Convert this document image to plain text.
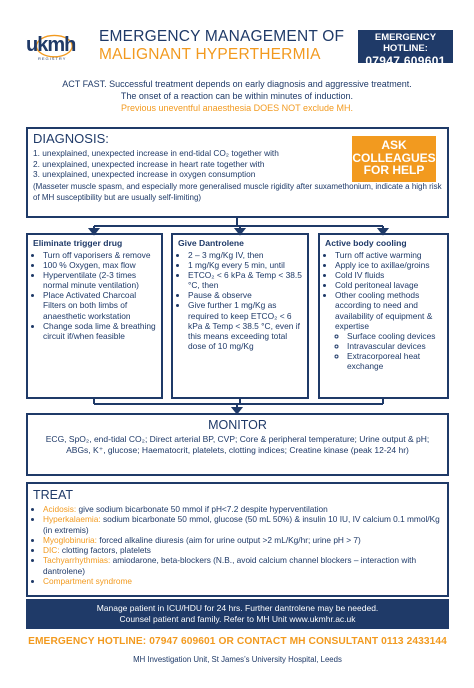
ukmh
REGISTRY
EMERGENCY MANAGEMENT OF
MALIGNANT HYPERTHERMIA
EMERGENCY
HOTLINE:
07947 609601
ACT FAST. Successful treatment depends on early diagnosis and aggressive treatment.
The onset of a reaction can be within minutes of induction.
Previous uneventful anaesthesia DOES NOT exclude MH.
DIAGNOSIS:
1. unexplained, unexpected increase in end-tidal CO₂ together with
2. unexplained, unexpected increase in heart rate together with
3. unexplained, unexpected increase in oxygen consumption
(Masseter muscle spasm, and especially more generalised muscle rigidity after suxamethonium, indicate a high risk of MH susceptibility but are usually self-limiting)
ASK COLLEAGUES FOR HELP
Eliminate trigger drug
• Turn off vaporisers & remove
• 100 % Oxygen, max flow
• Hyperventilate (2-3 times normal minute ventilation)
• Place Activated Charcoal Filters on both limbs of anaesthetic workstation
• Change soda lime & breathing circuit if/when feasible
Give Dantrolene
• 2 – 3 mg/Kg IV, then
• 1 mg/Kg every 5 min, until
• ETCO₂ < 6 kPa & Temp < 38.5 °C, then
• Pause & observe
• Give further 1 mg/Kg as required to keep ETCO₂ < 6 kPa & Temp < 38.5 °C, even if this means exceeding total dose of 10 mg/Kg
Active body cooling
• Turn off active warming
• Apply ice to axillae/groins
• Cold IV fluids
• Cold peritoneal lavage
• Other cooling methods according to need and availability of equipment & expertise
◦ Surface cooling devices
◦ Intravascular devices
◦ Extracorporeal heat exchange
MONITOR
ECG, SpO₂, end-tidal CO₂; Direct arterial BP, CVP; Core & peripheral temperature; Urine output & pH; ABGs, K⁺, glucose; Haematocrit, platelets, clotting indices; Creatine kinase (peak 12-24 hr)
TREAT
• Acidosis: give sodium bicarbonate 50 mmol if pH<7.2 despite hyperventilation
• Hyperkalaemia: sodium bicarbonate 50 mmol, glucose (50 mL 50%) & insulin 10 IU, IV calcium 0.1 mmol/Kg (in extremis)
• Myoglobinuria: forced alkaline diuresis (aim for urine output >2 mL/Kg/hr; urine pH > 7)
• DIC: clotting factors, platelets
• Tachyarrhythmias: amiodarone, beta-blockers (N.B., avoid calcium channel blockers – interaction with dantrolene)
• Compartment syndrome
Manage patient in ICU/HDU for 24 hrs. Further dantrolene may be needed.
Counsel patient and family. Refer to MH Unit www.ukmhr.ac.uk
EMERGENCY HOTLINE: 07947 609601 OR CONTACT MH CONSULTANT 0113 2433144
MH Investigation Unit, St James’s University Hospital, Leeds
